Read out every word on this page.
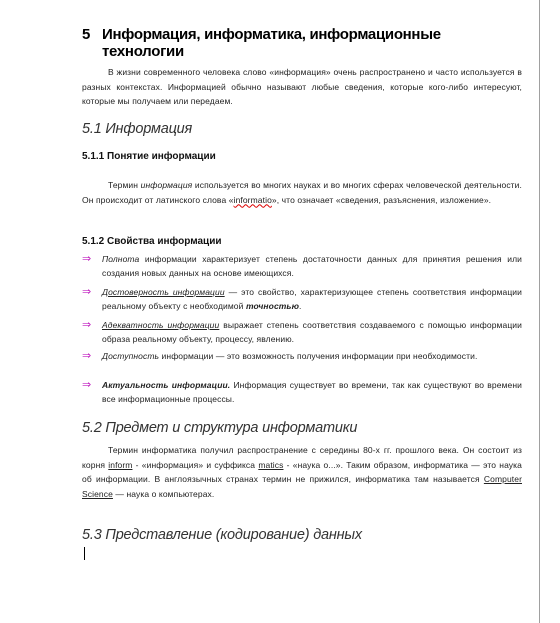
5 Информация, информатика, информационные технологии
В жизни современного человека слово «информация» очень распространено и часто используется в разных контекстах. Информацией обычно называют любые сведения, которые кого-либо интересуют, которые мы получаем или передаем.
5.1 Информация
5.1.1 Понятие информации
Термин информация используется во многих науках и во многих сферах человеческой деятельности. Он происходит от латинского слова «informatio», что означает «сведения, разъяснения, изложение».
5.1.2 Свойства информации
⇒ Полнота информации характеризует степень достаточности данных для принятия решения или создания новых данных на основе имеющихся.
⇒ Достоверность информации — это свойство, характеризующее степень соответствия информации реальному объекту с необходимой точностью.
⇒ Адекватность информации выражает степень соответствия создаваемого с помощью информации образа реальному объекту, процессу, явлению.
⇒ Доступность информации — это возможность получения информации при необходимости.
⇒ Актуальность информации. Информация существует во времени, так как существуют во времени все информационные процессы.
5.2 Предмет и структура информатики
Термин информатика получил распространение с середины 80-х гг. прошлого века. Он состоит из корня inform - «информация» и суффикса matics - «наука о...». Таким образом, информатика — это наука об информации. В англоязычных странах термин не прижился, информатика там называется Computer Science — наука о компьютерах.
5.3 Представление (кодирование) данных
